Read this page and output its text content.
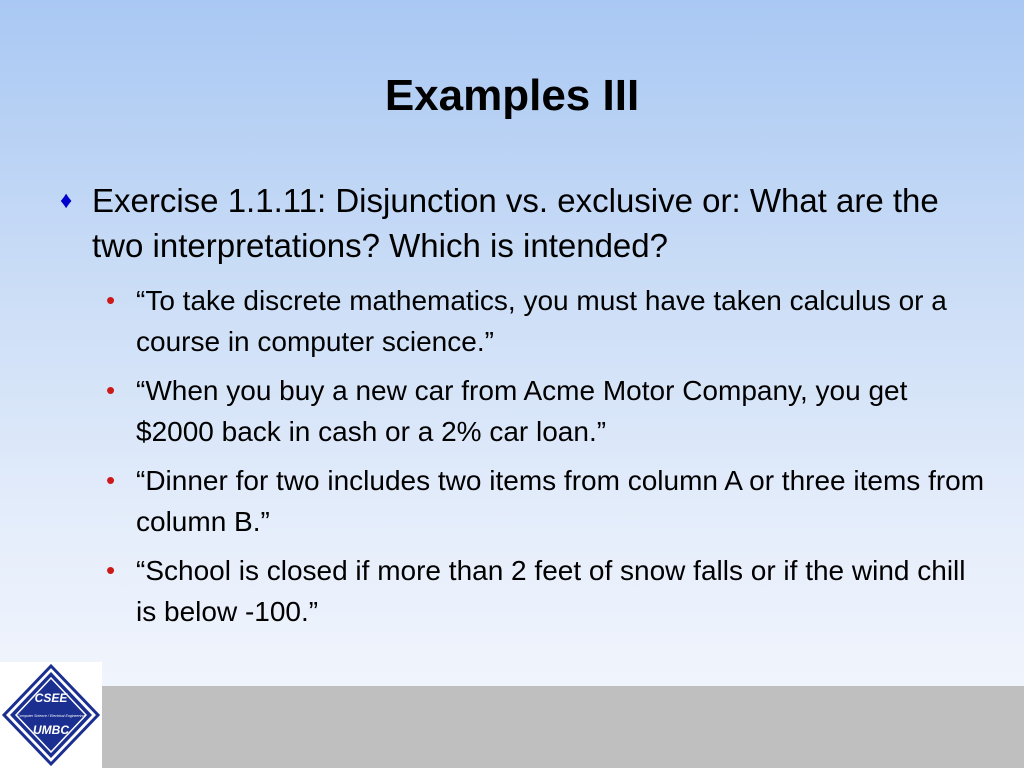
Examples III
♦ Exercise 1.1.11: Disjunction vs. exclusive or: What are the two interpretations? Which is intended?
• “To take discrete mathematics, you must have taken calculus or a course in computer science.”
• “When you buy a new car from Acme Motor Company, you get $2000 back in cash or a 2% car loan.”
• “Dinner for two includes two items from column A or three items from column B.”
• “School is closed if more than 2 feet of snow falls or if the wind chill is below -100.”
CSEE
Computer Science / Electrical Engineering
UMBC
